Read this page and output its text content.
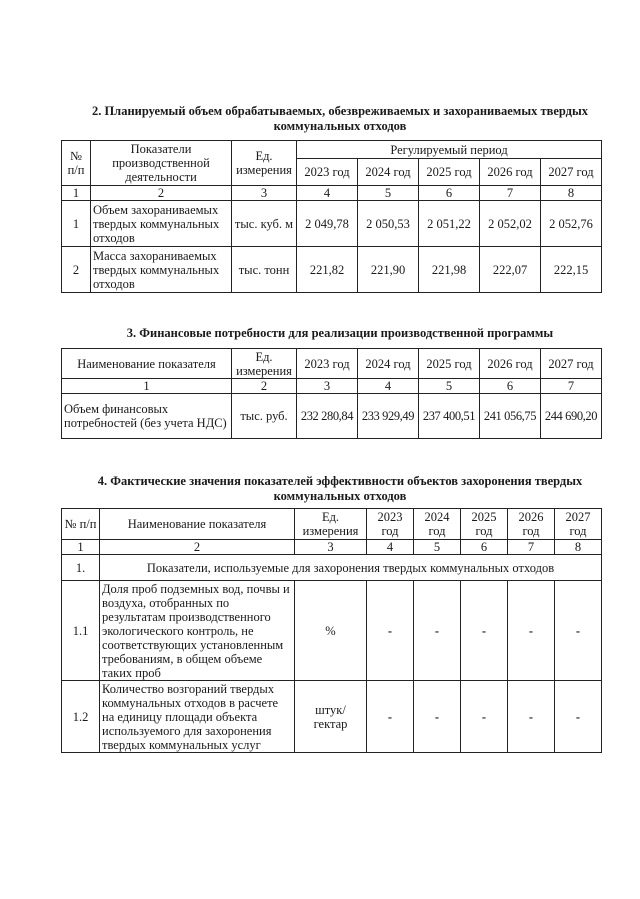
2. Планируемый объем обрабатываемых, обезвреживаемых и захораниваемых твердых
коммунальных отходов
№ п/п	Показатели производственной деятельности	Ед. измерения	Регулируемый период				
			2023 год	2024 год	2025 год	2026 год	2027 год
1	2	3	4	5	6	7	8
1	Объем захораниваемых твердых коммунальных отходов	тыс. куб. м	2 049,78	2 050,53	2 051,22	2 052,02	2 052,76
2	Масса захораниваемых твердых коммунальных отходов	тыс. тонн	221,82	221,90	221,98	222,07	222,15
3. Финансовые потребности для реализации производственной программы
Наименование показателя	Ед. измерения	2023 год	2024 год	2025 год	2026 год	2027 год
1	2	3	4	5	6	7
Объем финансовых потребностей (без учета НДС)	тыс. руб.	232 280,84	233 929,49	237 400,51	241 056,75	244 690,20
4. Фактические значения показателей эффективности объектов захоронения твердых
коммунальных отходов
№ п/п	Наименование показателя	Ед. измерения	2023 год	2024 год	2025 год	2026 год	2027 год
1	2	3	4	5	6	7	8
1.	Показатели, используемые для захоронения твердых коммунальных отходов						
1.1	Доля проб подземных вод, почвы и воздуха, отобранных по результатам производственного экологического контроль, не соответствующих установленным требованиям, в общем объеме таких проб	%	-	-	-	-	-
1.2	Количество возгораний твердых коммунальных отходов в расчете на единицу площади объекта используемого для захоронения твердых коммунальных услуг	штук/ гектар	-	-	-	-	-
